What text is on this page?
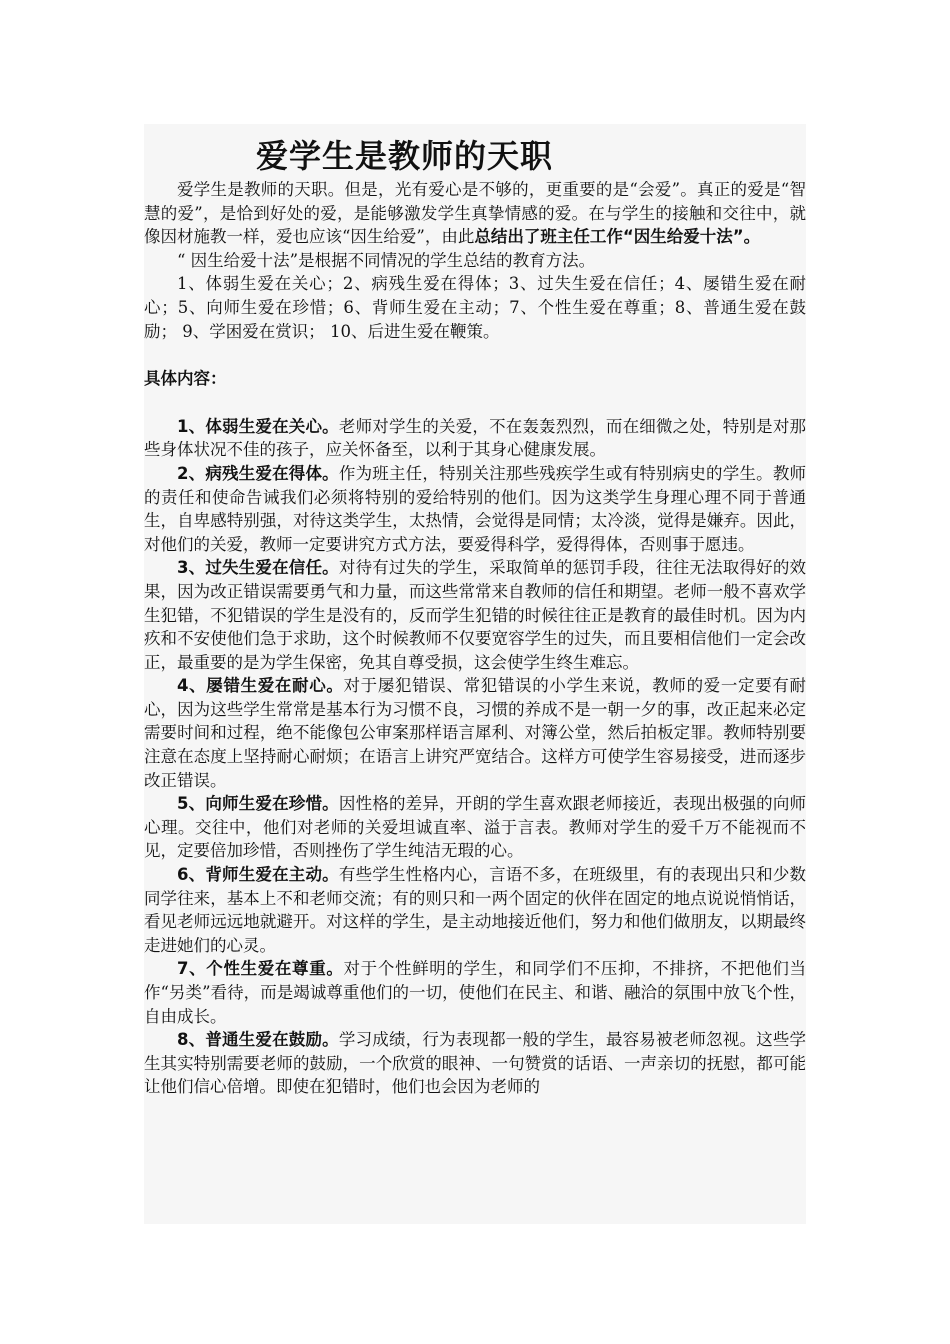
爱学生是教师的天职

爱学生是教师的天职。但是，光有爱心是不够的，更重要的是“会爱”。真正的爱是“智慧的爱”，是恰到好处的爱，是能够激发学生真挚情感的爱。在与学生的接触和交往中，就像因材施教一样，爱也应该“因生给爱”，由此总结出了班主任工作“因生给爱十法”。

“ 因生给爱十法”是根据不同情况的学生总结的教育方法。

1、体弱生爱在关心；2、病残生爱在得体；3、过失生爱在信任；4、屡错生爱在耐心；5、向师生爱在珍惜；6、背师生爱在主动；7、个性生爱在尊重；8、普通生爱在鼓励； 9、学困爱在赏识； 10、后进生爱在鞭策。

具体内容：

1、体弱生爱在关心。老师对学生的关爱，不在轰轰烈烈，而在细微之处，特别是对那些身体状况不佳的孩子，应关怀备至，以利于其身心健康发展。

2、病残生爱在得体。作为班主任，特别关注那些残疾学生或有特别病史的学生。教师的责任和使命告诫我们必须将特别的爱给特别的他们。因为这类学生身理心理不同于普通生，自卑感特别强，对待这类学生，太热情，会觉得是同情；太冷淡，觉得是嫌弃。因此，对他们的关爱，教师一定要讲究方式方法，要爱得科学，爱得得体，否则事于愿违。

3、过失生爱在信任。对待有过失的学生，采取简单的惩罚手段，往往无法取得好的效果，因为改正错误需要勇气和力量，而这些常常来自教师的信任和期望。老师一般不喜欢学生犯错，不犯错误的学生是没有的，反而学生犯错的时候往往正是教育的最佳时机。因为内疚和不安使他们急于求助，这个时候教师不仅要宽容学生的过失，而且要相信他们一定会改正，最重要的是为学生保密，免其自尊受损，这会使学生终生难忘。

4、屡错生爱在耐心。对于屡犯错误、常犯错误的小学生来说，教师的爱一定要有耐心，因为这些学生常常是基本行为习惯不良，习惯的养成不是一朝一夕的事，改正起来必定需要时间和过程，绝不能像包公审案那样语言犀利、对簿公堂，然后拍板定罪。教师特别要注意在态度上坚持耐心耐烦；在语言上讲究严宽结合。这样方可使学生容易接受，进而逐步改正错误。

5、向师生爱在珍惜。因性格的差异，开朗的学生喜欢跟老师接近，表现出极强的向师心理。交往中，他们对老师的关爱坦诚直率、溢于言表。教师对学生的爱千万不能视而不见，定要倍加珍惜，否则挫伤了学生纯洁无瑕的心。

6、背师生爱在主动。有些学生性格内心，言语不多，在班级里，有的表现出只和少数同学往来，基本上不和老师交流；有的则只和一两个固定的伙伴在固定的地点说说悄悄话，看见老师远远地就避开。对这样的学生，是主动地接近他们，努力和他们做朋友，以期最终走进她们的心灵。

7、个性生爱在尊重。对于个性鲜明的学生，和同学们不压抑，不排挤，不把他们当作“另类”看待，而是竭诚尊重他们的一切，使他们在民主、和谐、融洽的氛围中放飞个性，自由成长。

8、普通生爱在鼓励。学习成绩，行为表现都一般的学生，最容易被老师忽视。这些学生其实特别需要老师的鼓励，一个欣赏的眼神、一句赞赏的话语、一声亲切的抚慰，都可能让他们信心倍增。即使在犯错时，他们也会因为老师的
